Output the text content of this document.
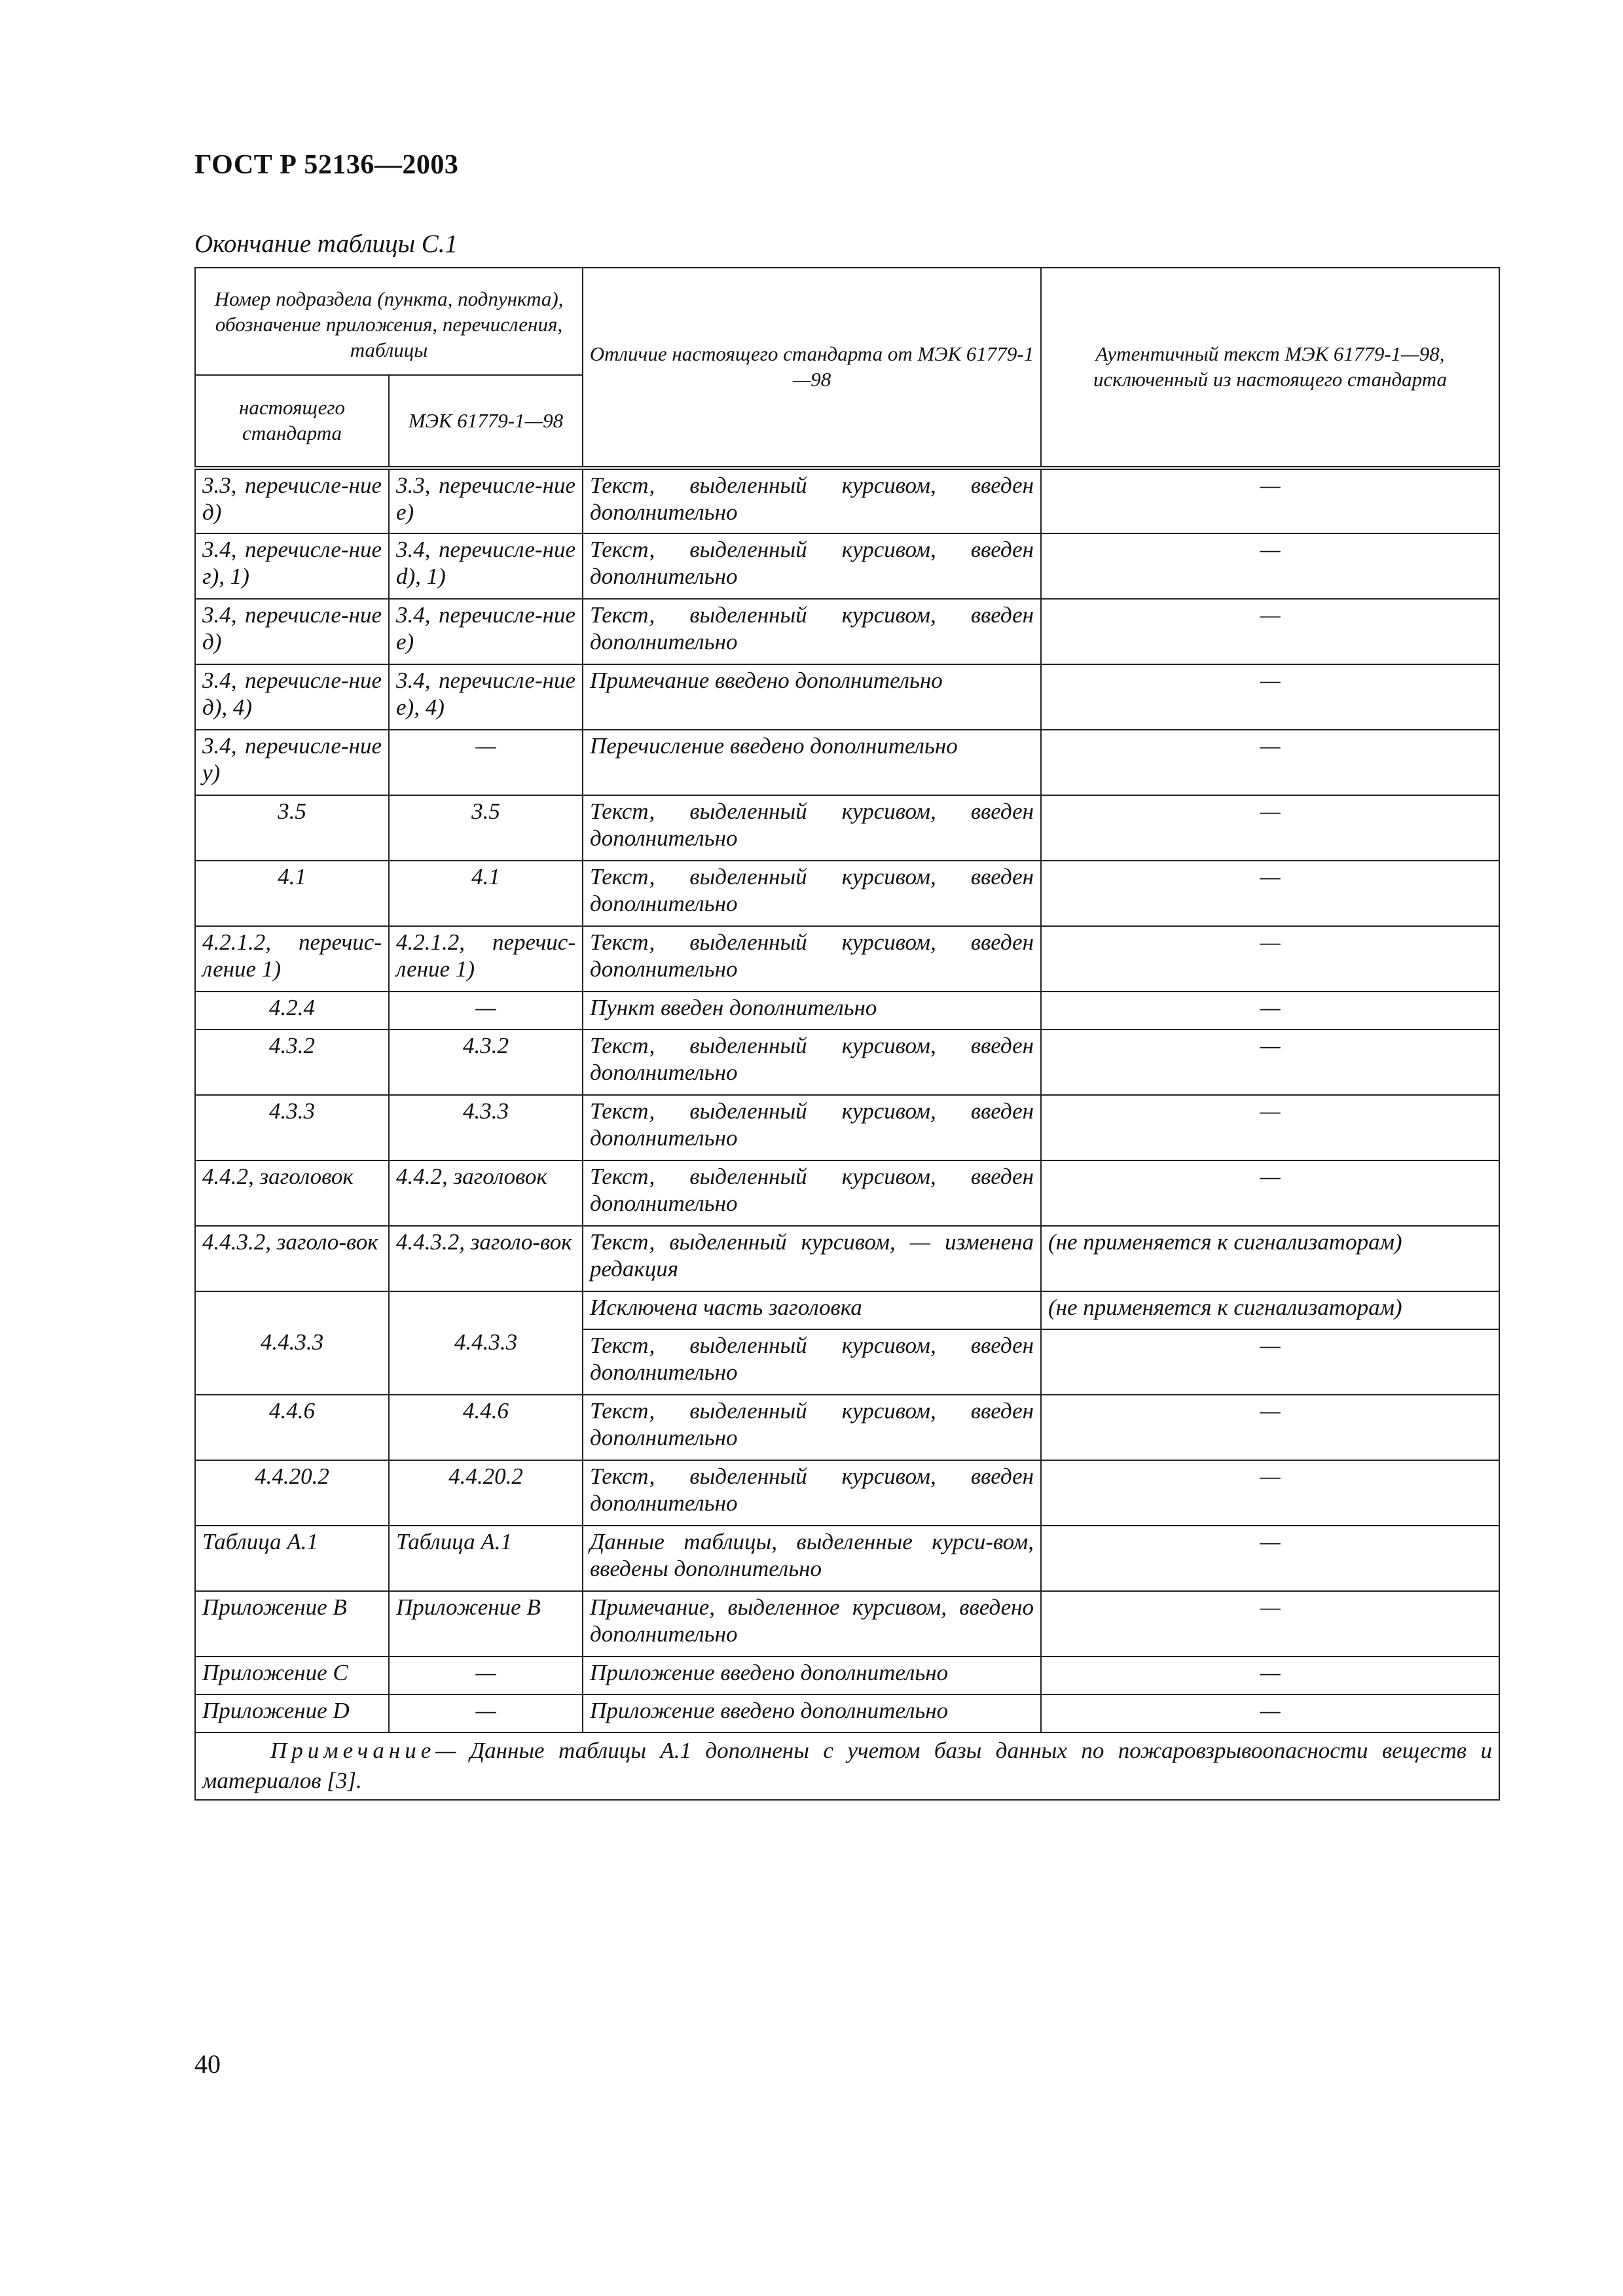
ГОСТ Р 52136—2003
Окончание таблицы С.1
Номер подраздела (пункта, подпункта), обозначение приложения, перечисления, таблицы		Отличие настоящего стандарта от МЭК 61779-1—98	Аутентичный текст МЭК 61779-1—98, исключенный из настоящего стандарта
настоящего стандарта	МЭК 61779-1—98		
3.3, перечисле-ние д)	3.3, перечисле-ние е)	Текст, выделенный курсивом, введен дополнительно	—
3.4, перечисле-ние г), 1)	3.4, перечисле-ние d), 1)	Текст, выделенный курсивом, введен дополнительно	—
3.4, перечисле-ние д)	3.4, перечисле-ние е)	Текст, выделенный курсивом, введен дополнительно	—
3.4, перечисле-ние д), 4)	3.4, перечисле-ние е), 4)	Примечание введено дополнительно	—
3.4, перечисле-ние у)	—	Перечисление введено дополнительно	—
3.5	3.5	Текст, выделенный курсивом, введен дополнительно	—
4.1	4.1	Текст, выделенный курсивом, введен дополнительно	—
4.2.1.2, перечис-ление 1)	4.2.1.2, перечис-ление 1)	Текст, выделенный курсивом, введен дополнительно	—
4.2.4	—	Пункт введен дополнительно	—
4.3.2	4.3.2	Текст, выделенный курсивом, введен дополнительно	—
4.3.3	4.3.3	Текст, выделенный курсивом, введен дополнительно	—
4.4.2, заголовок	4.4.2, заголовок	Текст, выделенный курсивом, введен дополнительно	—
4.4.3.2, заголо-вок	4.4.3.2, заголо-вок	Текст, выделенный курсивом, — изменена редакция	(не применяется к сигнализаторам)
4.4.3.3	4.4.3.3	Исключена часть заголовка	(не применяется к сигнализаторам)
		Текст, выделенный курсивом, введен дополнительно	—
4.4.6	4.4.6	Текст, выделенный курсивом, введен дополнительно	—
4.4.20.2	4.4.20.2	Текст, выделенный курсивом, введен дополнительно	—
Таблица А.1	Таблица А.1	Данные таблицы, выделенные курси-вом, введены дополнительно	—
Приложение В	Приложение В	Примечание, выделенное курсивом, введено дополнительно	—
Приложение С	—	Приложение введено дополнительно	—
Приложение D	—	Приложение введено дополнительно	—
Примечание— Данные таблицы А.1 дополнены с учетом базы данных по пожаровзрывоопасности веществ и материалов [3].			
40
